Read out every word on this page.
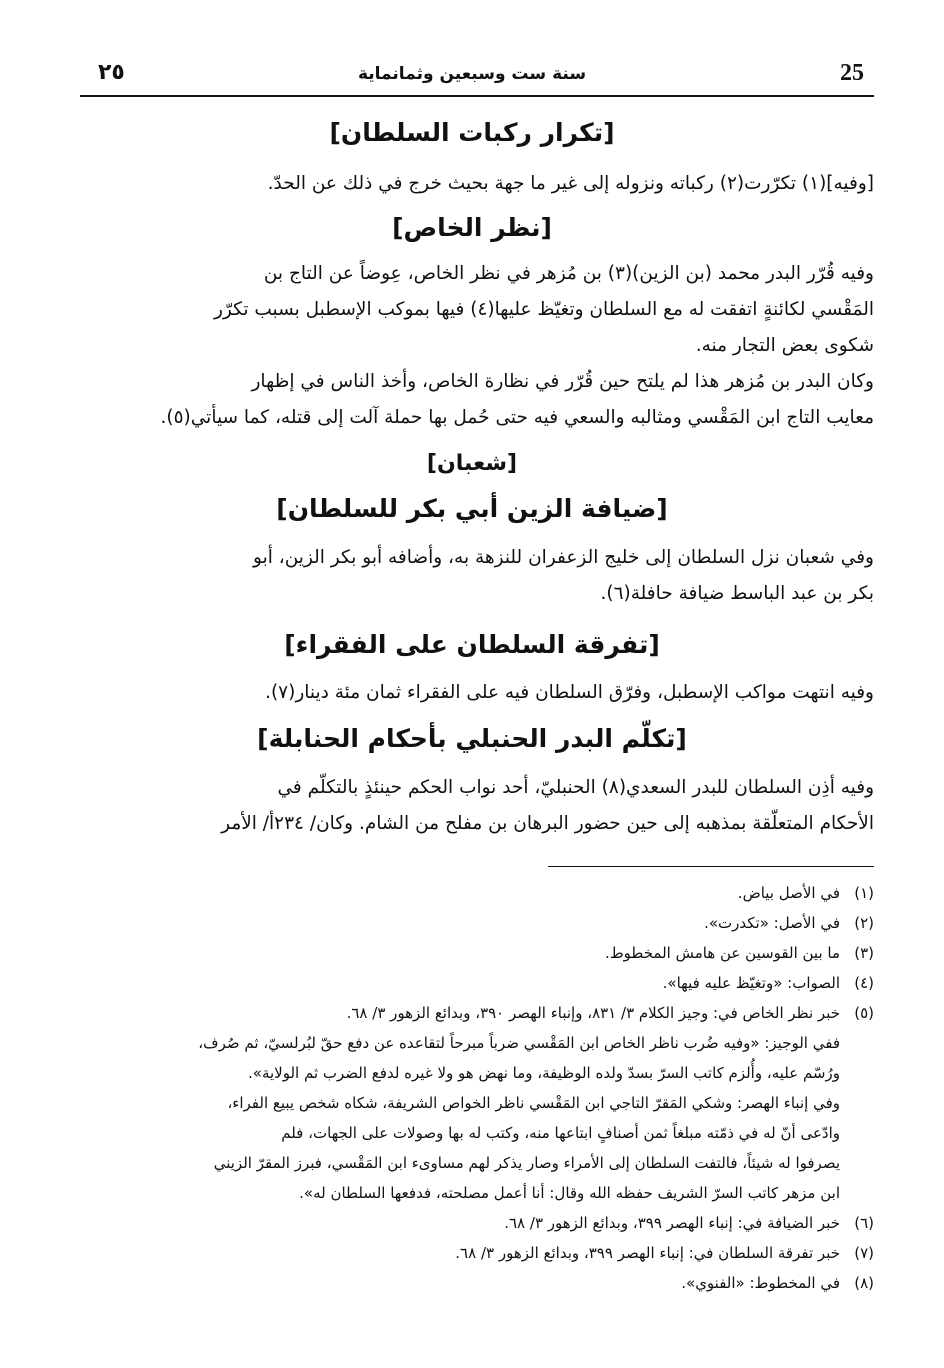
٢٥	سنة ست وسبعين وثمانماية	25
[تكرار ركبات السلطان]
[وفيه](١) تكرّرت(٢) ركباته ونزوله إلى غير ما جهة بحيث خرج في ذلك عن الحدّ.
[نظر الخاص]
وفيه قُرّر البدر محمد (بن الزين)(٣) بن مُزهر في نظر الخاص، عِوضاً عن التاج بن
المَقْسي لكائنةٍ اتفقت له مع السلطان وتغيّظ عليها(٤) فيها بموكب الإسطبل بسبب تكرّر
شكوى بعض التجار منه.
وكان البدر بن مُزهر هذا لم يلتح حين قُرّر في نظارة الخاص، وأخذ الناس في إظهار
معايب التاج ابن المَقْسي ومثالبه والسعي فيه حتى حُمل بها حملة آلت إلى قتله، كما سيأتي(٥).
[شعبان]
[ضيافة الزين أبي بكر للسلطان]
وفي شعبان نزل السلطان إلى خليج الزعفران للنزهة به، وأضافه أبو بكر الزين، أبو
بكر بن عبد الباسط ضيافة حافلة(٦).
[تفرقة السلطان على الفقراء]
وفيه انتهت مواكب الإسطبل، وفرّق السلطان فيه على الفقراء ثمان مئة دينار(٧).
[تكلّم البدر الحنبلي بأحكام الحنابلة]
وفيه أذِن السلطان للبدر السعدي(٨) الحنبليّ، أحد نواب الحكم حينئذٍ بالتكلّم في
الأحكام المتعلّقة بمذهبه إلى حين حضور البرهان بن مفلح من الشام. وكان/ ٢٣٤أ/ الأمر
(١)
في الأصل بياض.
(٢)
في الأصل: «تكدرت».
(٣)
ما بين القوسين عن هامش المخطوط.
(٤)
الصواب: «وتغيّظ عليه فيها».
(٥)
خبر نظر الخاص في: وجيز الكلام ٣/ ٨٣١، وإنباء الهصر ٣٩٠، وبدائع الزهور ٣/ ٦٨.
ففي الوجيز: «وفيه ضُرب ناظر الخاص ابن المَقْسي ضرباً مبرحاً لتقاعده عن دفع حقّ لبُرلسيّ، ثم صُرف،
ورُسّم عليه، وأُلزم كاتب السرّ بسدّ ولده الوظيفة، وما نهض هو ولا غيره لدفع الضرب ثم الولاية».
وفي إنباء الهصر: وشكي المَقرّ التاجي ابن المَقْسي ناظر الخواص الشريفة، شكاه شخص يبيع الفراء،
وادّعى أنّ له في ذمّته مبلغاً ثمن أصنافٍ ابتاعها منه، وكتب له بها وصولات على الجهات، فلم
يصرفوا له شيئاً، فالتفت السلطان إلى الأمراء وصار يذكر لهم مساوىء ابن المَقْسي، فبرز المقرّ الزيني
ابن مزهر كاتب السرّ الشريف حفظه الله وقال: أنا أعمل مصلحته، فدفعها السلطان له».
(٦)
خبر الضيافة في: إنباء الهصر ٣٩٩، وبدائع الزهور ٣/ ٦٨.
(٧)
خبر تفرقة السلطان في: إنباء الهصر ٣٩٩، وبدائع الزهور ٣/ ٦٨.
(٨)
في المخطوط: «الفنوي».
